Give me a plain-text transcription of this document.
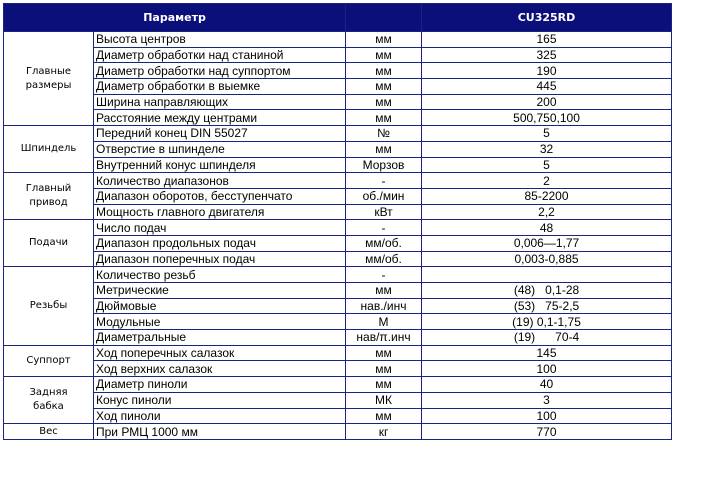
Параметр			CU325RD
Главные
размеры	Высота центров	мм	165
	Диаметр обработки над станиной	мм	325
	Диаметр обработки над суппортом	мм	190
	Диаметр обработки в выемке	мм	445
	Ширина направляющих	мм	200
	Расстояние между центрами	мм	500,750,100
Шпиндель	Передний конец DIN 55027	№	5
	Отверстие в шпинделе	мм	32
	Внутренний конус шпинделя	Морзов	5
Главный
привод	Количество диапазонов	-	2
	Диапазон оборотов, бесступенчато	об./мин	85-2200
	Мощность главного двигателя	кВт	2,2
Подачи	Число подач	-	48
	Диапазон продольных подач	мм/об.	0,006—1,77
	Диапазон поперечных подач	мм/об.	0,003-0,885
Резьбы	Количество резьб	-	
	Метрические	мм	(48)   0,1-28
	Дюймовые	нав./инч	(53)   75-2,5
	Модульные	М	(19) 0,1-1,75
	Диаметральные	нав/π.инч	(19)      70-4
Суппорт	Ход поперечных салазок	мм	145
	Ход верхних салазок	мм	100
Задняя
бабка	Диаметр пиноли	мм	40
	Конус пиноли	МК	3
	Ход пиноли	мм	100
Вес	При РМЦ 1000 мм	кг	770
